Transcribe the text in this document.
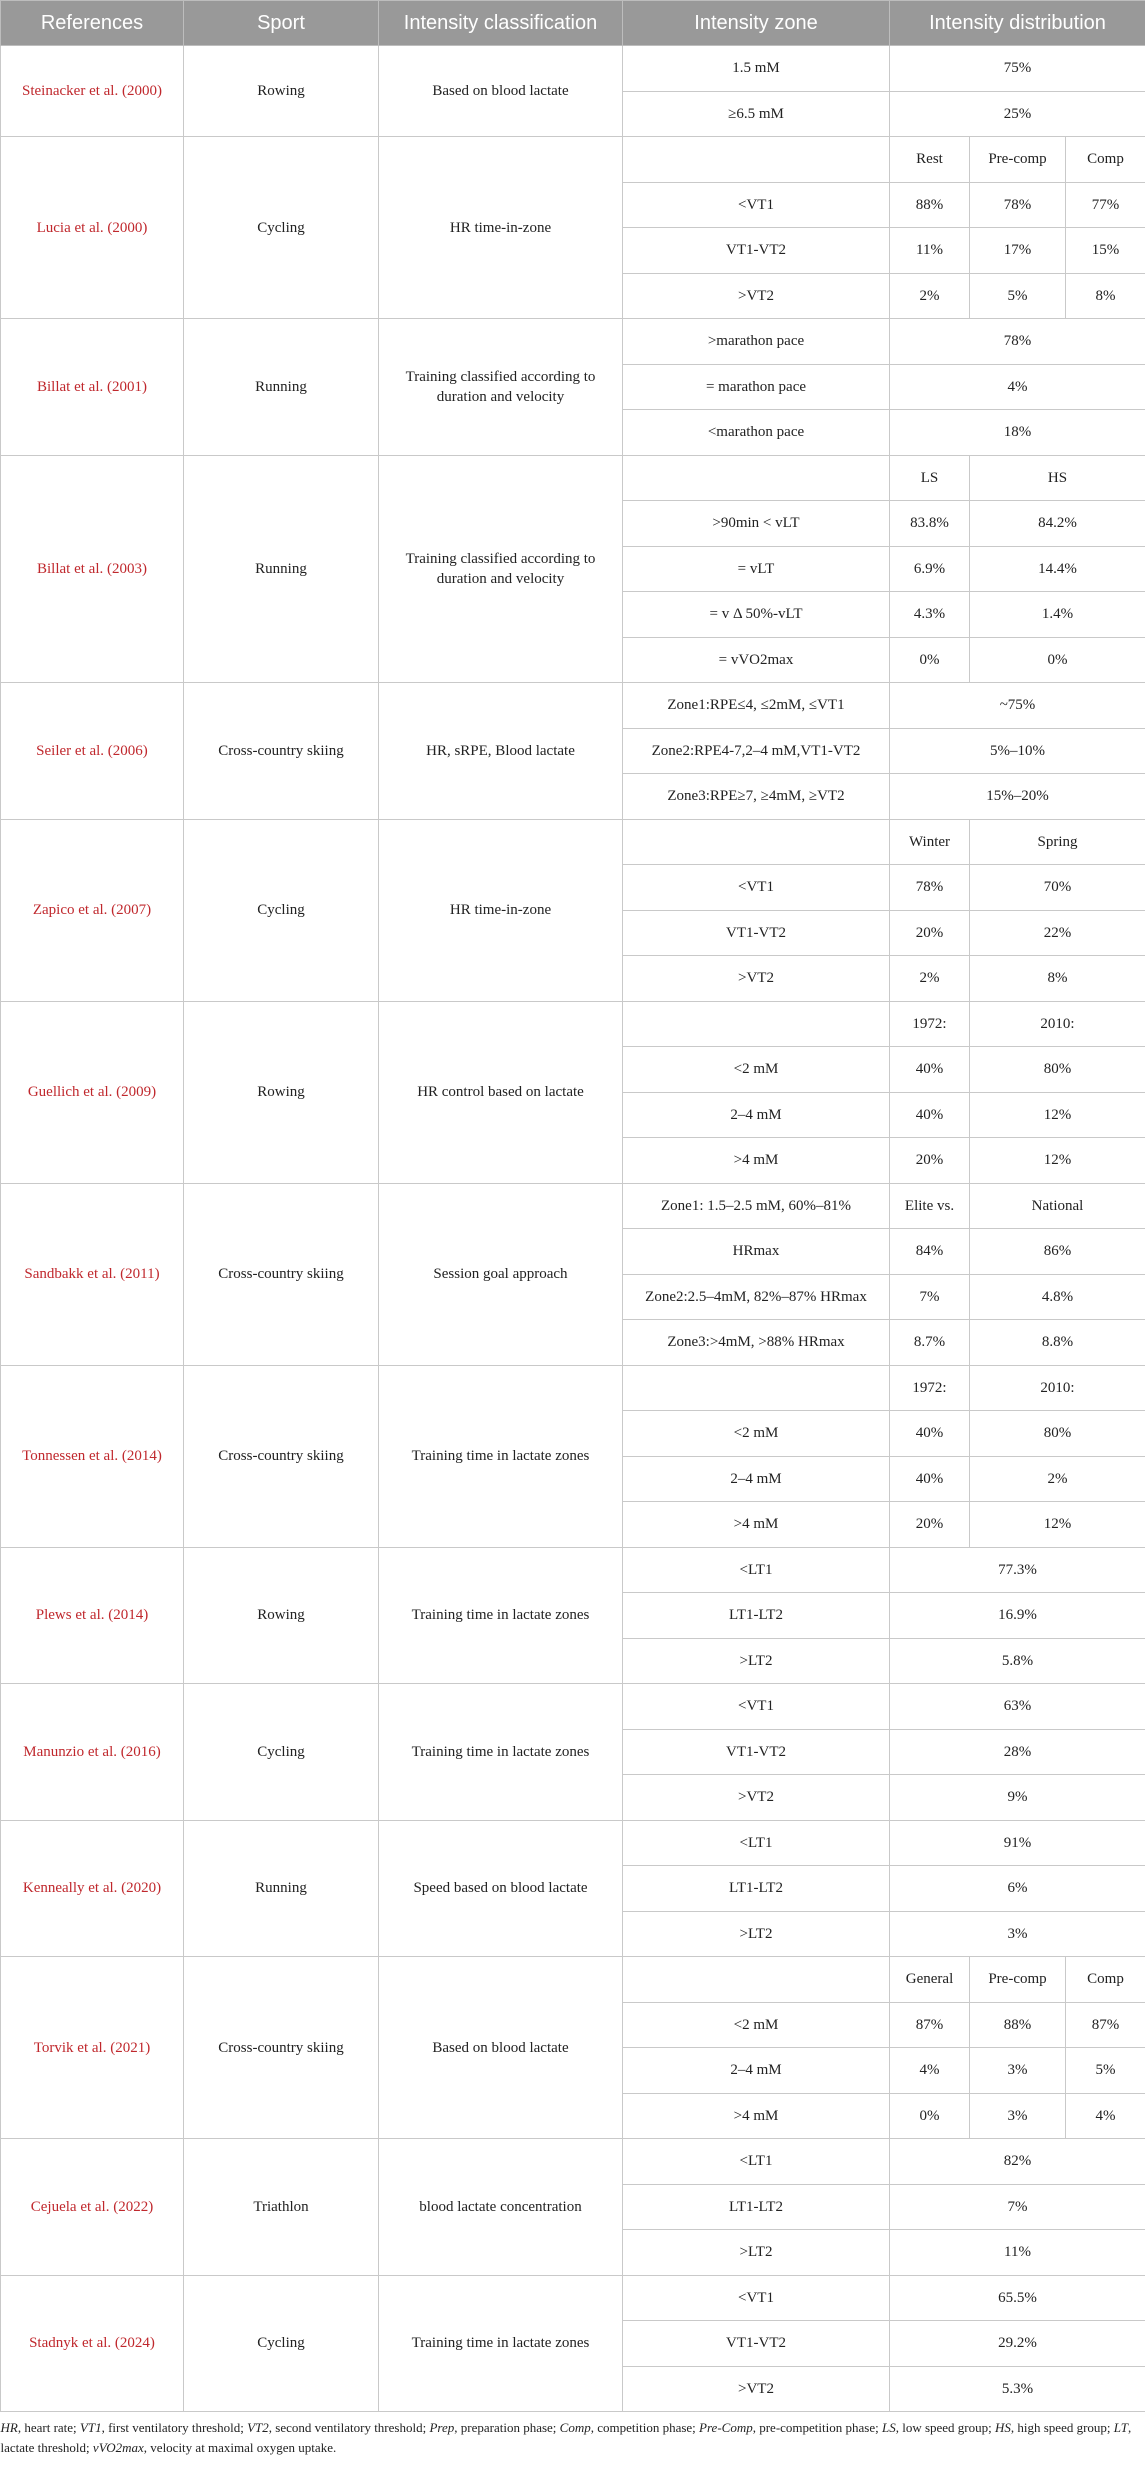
References	Sport	Intensity classification	Intensity zone	Intensity distribution		
Steinacker et al. (2000)	Rowing	Based on blood lactate	1.5 mM	75%		
			≥6.5 mM	25%		
Lucia et al. (2000)	Cycling	HR time-in-zone		Rest	Pre-comp	Comp
			<VT1	88%	78%	77%
			VT1-VT2	11%	17%	15%
			>VT2	2%	5%	8%
Billat et al. (2001)	Running	Training classified according to duration and velocity	>marathon pace	78%		
			= marathon pace	4%		
			<marathon pace	18%		
Billat et al. (2003)	Running	Training classified according to duration and velocity		LS	HS	
			>90min < vLT	83.8%	84.2%	
			= vLT	6.9%	14.4%	
			= v Δ 50%-vLT	4.3%	1.4%	
			= vVO2max	0%	0%	
Seiler et al. (2006)	Cross-country skiing	HR, sRPE, Blood lactate	Zone1:RPE≤4, ≤2mM, ≤VT1	~75%		
			Zone2:RPE4-7,2–4 mM,VT1-VT2	5%–10%		
			Zone3:RPE≥7, ≥4mM, ≥VT2	15%–20%		
Zapico et al. (2007)	Cycling	HR time-in-zone		Winter	Spring	
			<VT1	78%	70%	
			VT1-VT2	20%	22%	
			>VT2	2%	8%	
Guellich et al. (2009)	Rowing	HR control based on lactate		1972:	2010:	
			<2 mM	40%	80%	
			2–4 mM	40%	12%	
			>4 mM	20%	12%	
Sandbakk et al. (2011)	Cross-country skiing	Session goal approach	Zone1: 1.5–2.5 mM, 60%–81%	Elite vs.	National	
			HRmax	84%	86%	
			Zone2:2.5–4mM, 82%–87% HRmax	7%	4.8%	
			Zone3:>4mM, >88% HRmax	8.7%	8.8%	
Tonnessen et al. (2014)	Cross-country skiing	Training time in lactate zones		1972:	2010:	
			<2 mM	40%	80%	
			2–4 mM	40%	2%	
			>4 mM	20%	12%	
Plews et al. (2014)	Rowing	Training time in lactate zones	<LT1	77.3%		
			LT1-LT2	16.9%		
			>LT2	5.8%		
Manunzio et al. (2016)	Cycling	Training time in lactate zones	<VT1	63%		
			VT1-VT2	28%		
			>VT2	9%		
Kenneally et al. (2020)	Running	Speed based on blood lactate	<LT1	91%		
			LT1-LT2	6%		
			>LT2	3%		
Torvik et al. (2021)	Cross-country skiing	Based on blood lactate		General	Pre-comp	Comp
			<2 mM	87%	88%	87%
			2–4 mM	4%	3%	5%
			>4 mM	0%	3%	4%
Cejuela et al. (2022)	Triathlon	blood lactate concentration	<LT1	82%		
			LT1-LT2	7%		
			>LT2	11%		
Stadnyk et al. (2024)	Cycling	Training time in lactate zones	<VT1	65.5%		
			VT1-VT2	29.2%		
			>VT2	5.3%		
HR, heart rate; VT1, first ventilatory threshold; VT2, second ventilatory threshold; Prep, preparation phase; Comp, competition phase; Pre-Comp, pre-competition phase; LS, low speed group; HS, high speed group; LT, lactate threshold; vVO2max, velocity at maximal oxygen uptake.						
